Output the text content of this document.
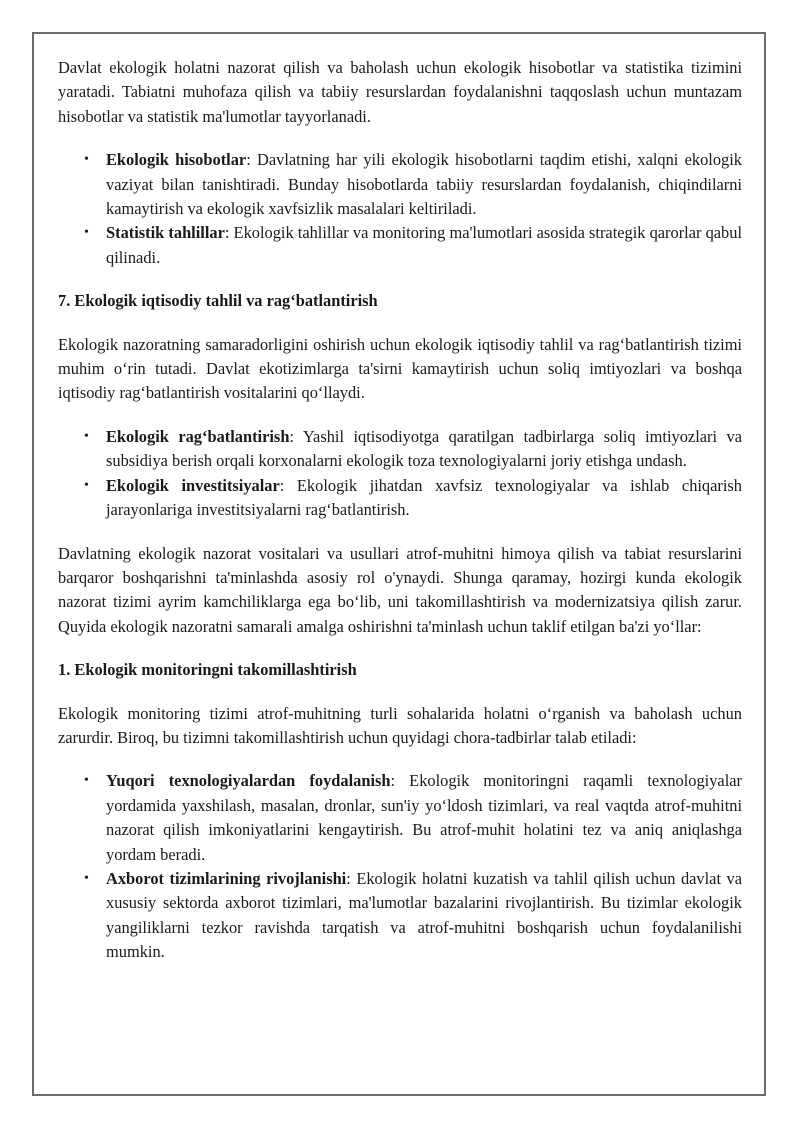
Davlat ekologik holatni nazorat qilish va baholash uchun ekologik hisobotlar va statistika tizimini yaratadi. Tabiatni muhofaza qilish va tabiiy resurslardan foydalanishni taqqoslash uchun muntazam hisobotlar va statistik ma'lumotlar tayyorlanadi.

• Ekologik hisobotlar: Davlatning har yili ekologik hisobotlarni taqdim etishi, xalqni ekologik vaziyat bilan tanishtiradi. Bunday hisobotlarda tabiiy resurslardan foydalanish, chiqindilarni kamaytirish va ekologik xavfsizlik masalalari keltiriladi.
• Statistik tahlillar: Ekologik tahlillar va monitoring ma'lumotlari asosida strategik qarorlar qabul qilinadi.
7. Ekologik iqtisodiy tahlil va rag‘batlantirish

Ekologik nazoratning samaradorligini oshirish uchun ekologik iqtisodiy tahlil va rag‘batlantirish tizimi muhim o‘rin tutadi. Davlat ekotizimlarga ta'sirni kamaytirish uchun soliq imtiyozlari va boshqa iqtisodiy rag‘batlantirish vositalarini qo‘llaydi.

• Ekologik rag‘batlantirish: Yashil iqtisodiyotga qaratilgan tadbirlarga soliq imtiyozlari va subsidiya berish orqali korxonalarni ekologik toza texnologiyalarni joriy etishga undash.
• Ekologik investitsiyalar: Ekologik jihatdan xavfsiz texnologiyalar va ishlab chiqarish jarayonlariga investitsiyalarni rag‘batlantirish.

Davlatning ekologik nazorat vositalari va usullari atrof-muhitni himoya qilish va tabiat resurslarini barqaror boshqarishni ta'minlashda asosiy rol o'ynaydi. Shunga qaramay, hozirgi kunda ekologik nazorat tizimi ayrim kamchiliklarga ega bo‘lib, uni takomillashtirish va modernizatsiya qilish zarur. Quyida ekologik nazoratni samarali amalga oshirishni ta'minlash uchun taklif etilgan ba'zi yo‘llar:

1. Ekologik monitoringni takomillashtirish

Ekologik monitoring tizimi atrof-muhitning turli sohalarida holatni o‘rganish va baholash uchun zarurdir. Biroq, bu tizimni takomillashtirish uchun quyidagi chora-tadbirlar talab etiladi:

• Yuqori texnologiyalardan foydalanish: Ekologik monitoringni raqamli texnologiyalar yordamida yaxshilash, masalan, dronlar, sun'iy yo‘ldosh tizimlari, va real vaqtda atrof-muhitni nazorat qilish imkoniyatlarini kengaytirish. Bu atrof-muhit holatini tez va aniq aniqlashga yordam beradi.
• Axborot tizimlarining rivojlanishi: Ekologik holatni kuzatish va tahlil qilish uchun davlat va xususiy sektorda axborot tizimlari, ma'lumotlar bazalarini rivojlantirish. Bu tizimlar ekologik yangiliklarni tezkor ravishda tarqatish va atrof-muhitni boshqarish uchun foydalanilishi mumkin.
